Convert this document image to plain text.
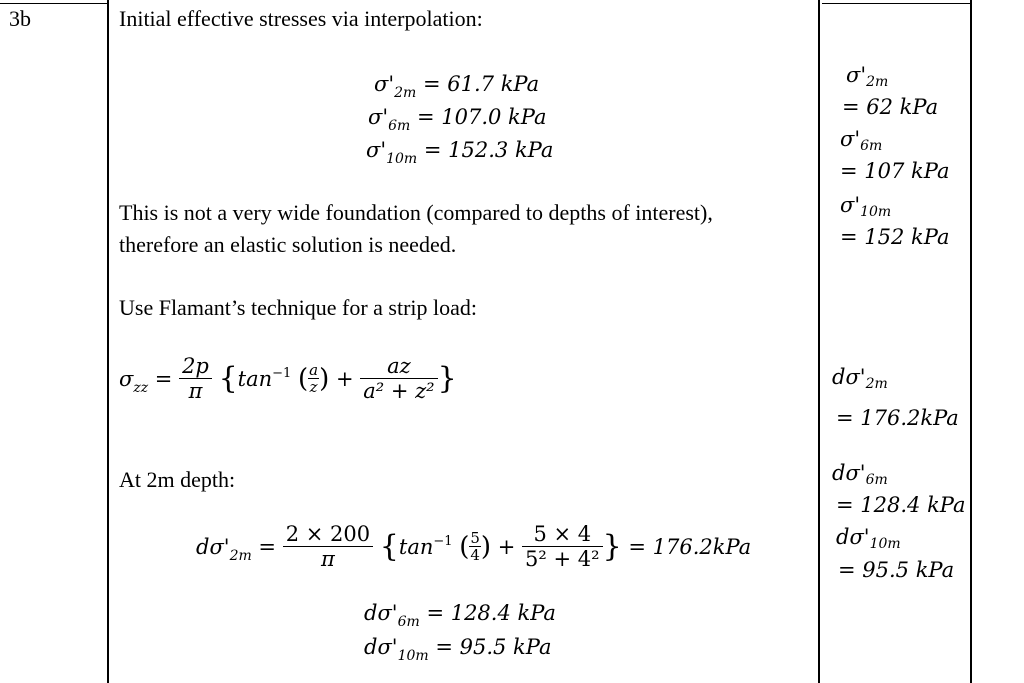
3b	Initial effective stresses via interpolation:
$\sigma'_{2m} = 61.7$ kPa
$\sigma'_{6m} = 107.0$ kPa
$\sigma'_{10m} = 152.3$ kPa
This is not a very wide foundation (compared to depths of interest),
therefore an elastic solution is needed.
Use Flamant’s technique for a strip load:
$\sigma_{zz} = \frac{2p}{\pi} \{\tan^{-1}$ ( $\frac{a}{z}$ ) + $\frac{az}{\text{a² + z²}}$ }
At 2m depth:
$d\sigma'_{2m} = \frac{2 \times 200}{\pi} \{\tan^{-1}$ ( $\frac{5}{4}$ ) + $\frac{5 \times 4}{\text{5² + 4²}}$ } = 176.2kPa
$d\sigma'_{6m} = 128.4$ kPa
$d\sigma'_{10m} = 95.5$ kPa
σ'2m
= 62 kPa
σ'6m
= 107 kPa
σ'10m
= 152 kPa
dσ'2m
= 176.2kPa
dσ'6m
= 128.4 kPa
dσ'10m
= 95.5 kPa
